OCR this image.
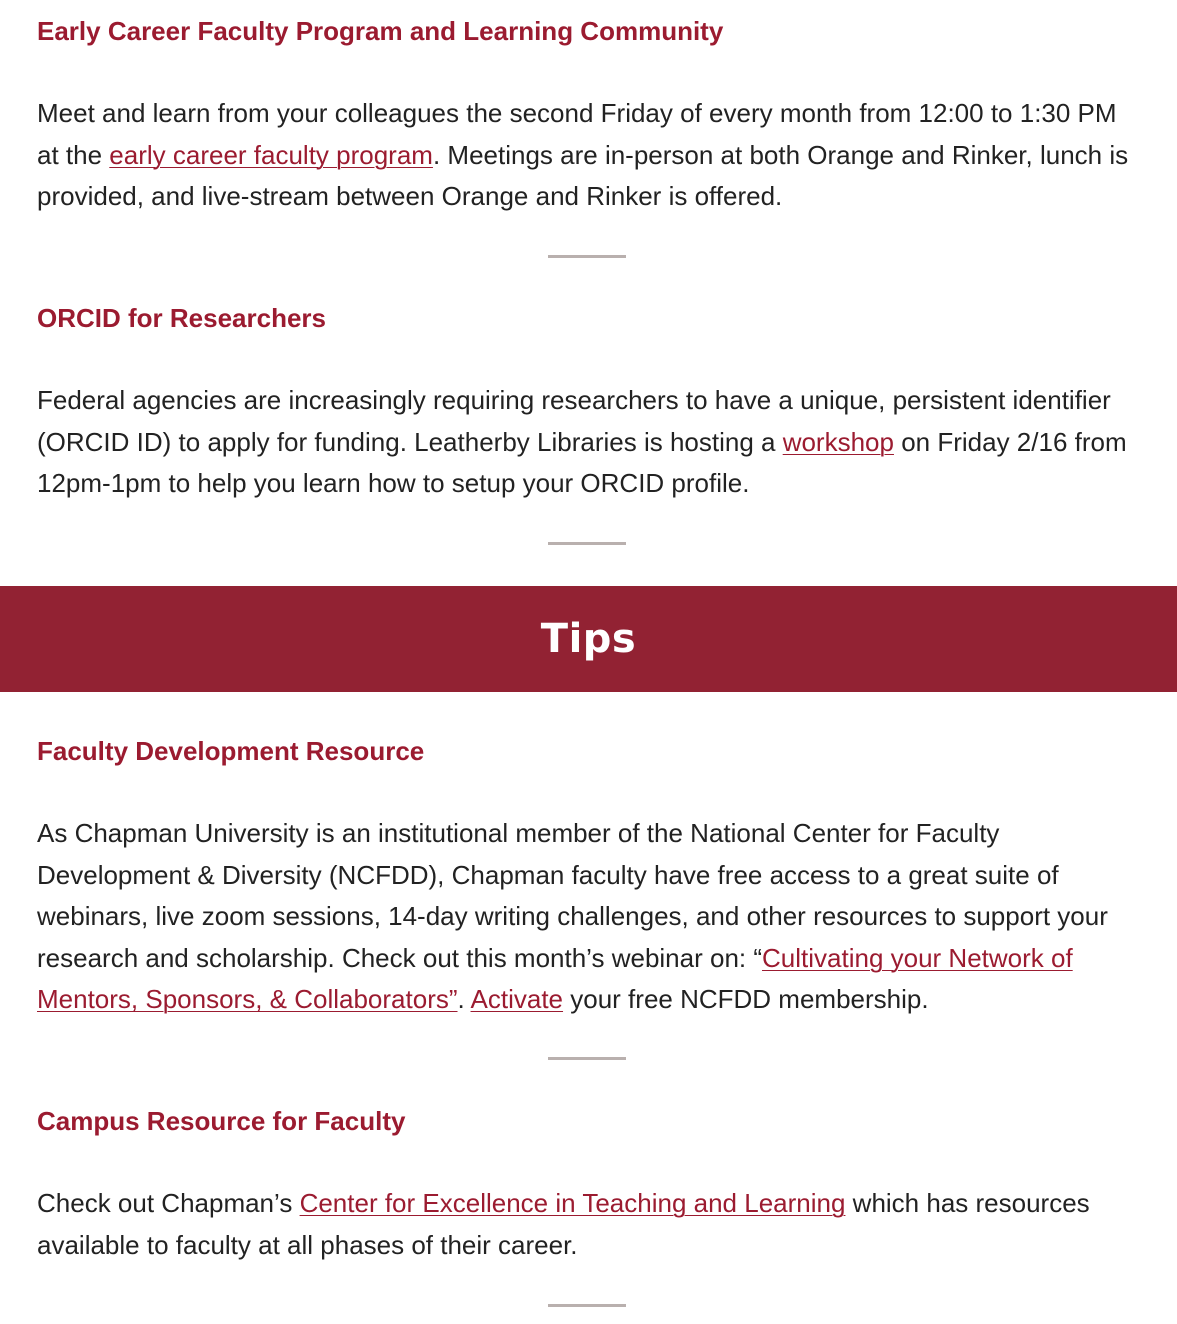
Early Career Faculty Program and Learning Community

Meet and learn from your colleagues the second Friday of every month from 12:00 to 1:30 PM at the early career faculty program. Meetings are in-person at both Orange and Rinker, lunch is provided, and live-stream between Orange and Rinker is offered.

ORCID for Researchers

Federal agencies are increasingly requiring researchers to have a unique, persistent identifier (ORCID ID) to apply for funding. Leatherby Libraries is hosting a workshop on Friday 2/16 from 12pm-1pm to help you learn how to setup your ORCID profile.

Tips
Faculty Development Resource

As Chapman University is an institutional member of the National Center for Faculty Development & Diversity (NCFDD), Chapman faculty have free access to a great suite of webinars, live zoom sessions, 14-day writing challenges, and other resources to support your research and scholarship. Check out this month’s webinar on: “Cultivating your Network of Mentors, Sponsors, & Collaborators”. Activate your free NCFDD membership.

Campus Resource for Faculty

Check out Chapman’s Center for Excellence in Teaching and Learning which has resources available to faculty at all phases of their career.
